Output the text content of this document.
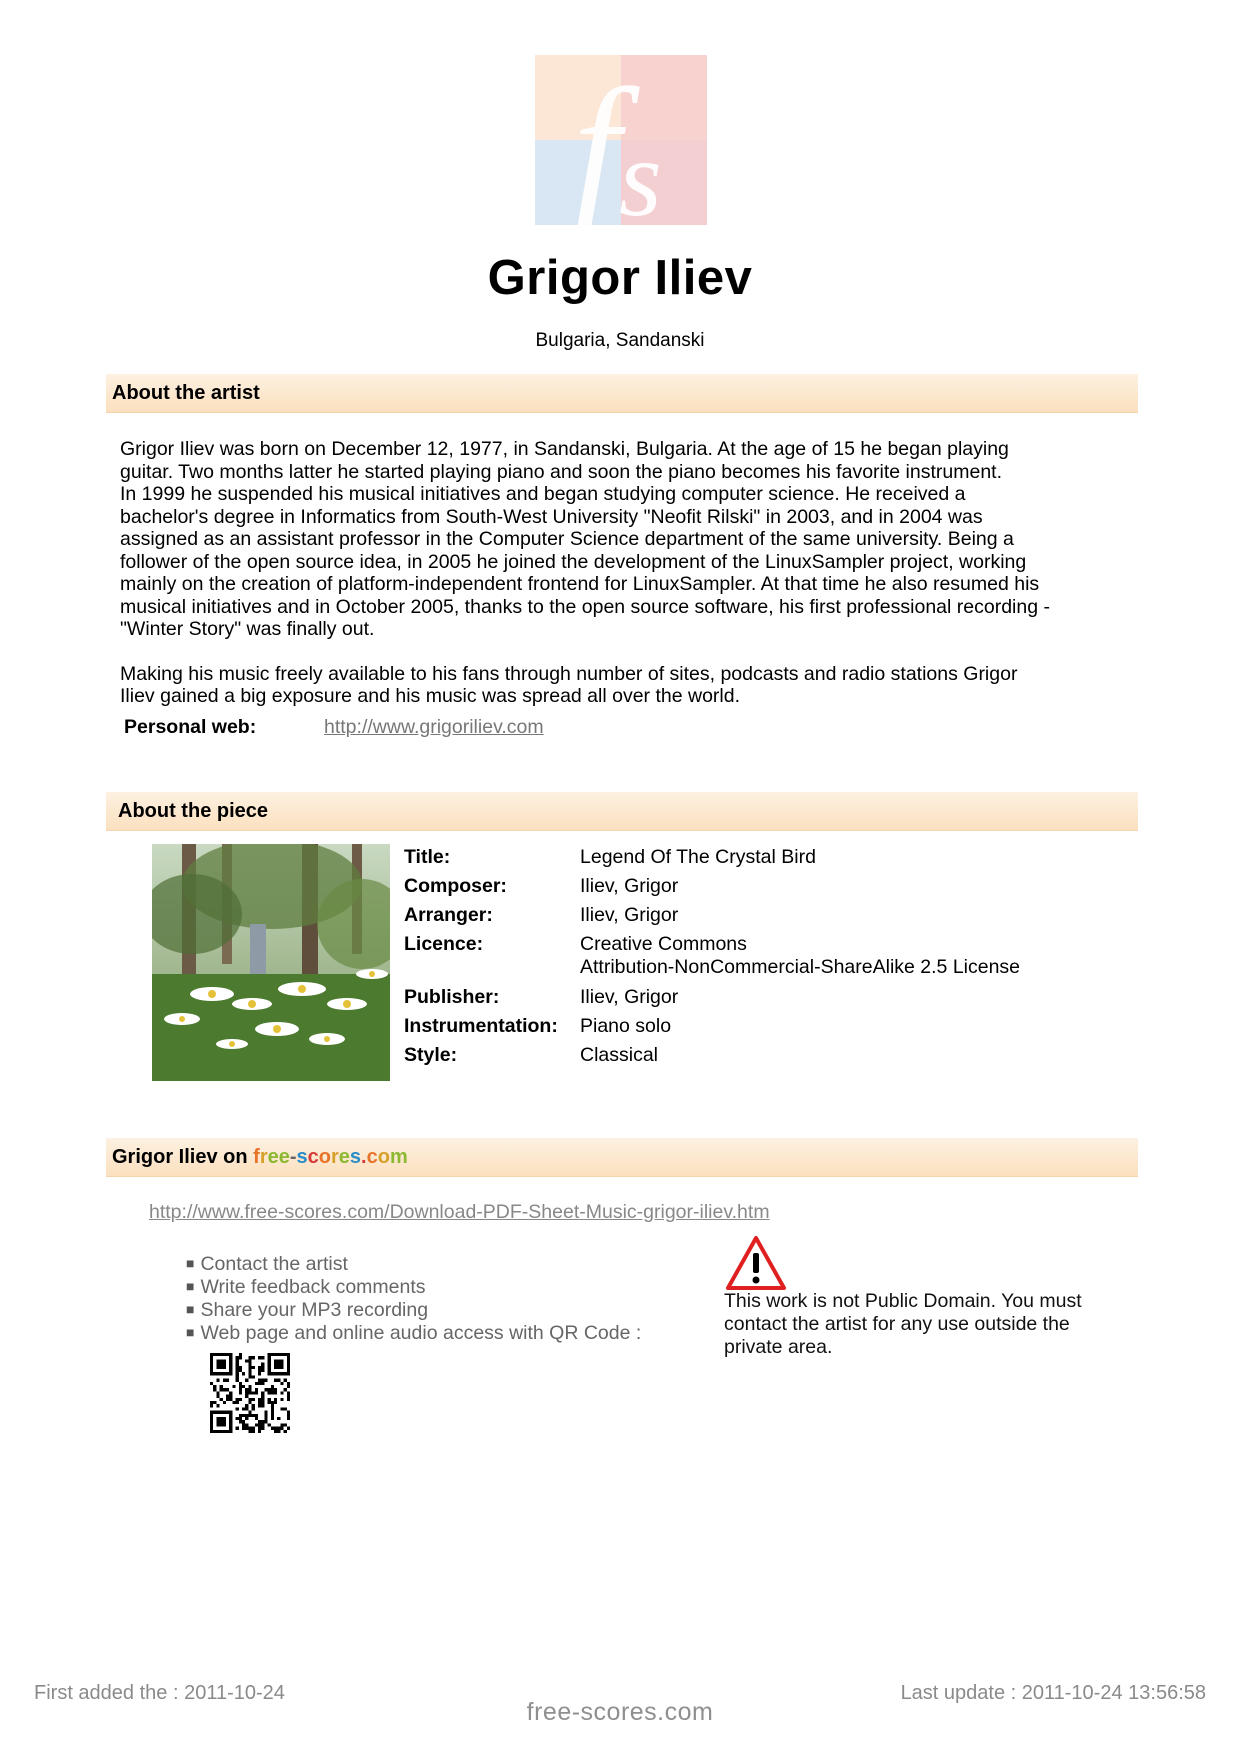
f
s
Grigor Iliev
Bulgaria, Sandanski
About the artist

Grigor Iliev was born on December 12, 1977, in Sandanski, Bulgaria. At the age of 15 he began playing
guitar. Two months latter he started playing piano and soon the piano becomes his favorite instrument.
In 1999 he suspended his musical initiatives and began studying computer science. He received a
bachelor's degree in Informatics from South-West University "Neofit Rilski" in 2003, and in 2004 was
assigned as an assistant professor in the Computer Science department of the same university. Being a
follower of the open source idea, in 2005 he joined the development of the LinuxSampler project, working
mainly on the creation of platform-independent frontend for LinuxSampler. At that time he also resumed his
musical initiatives and in October 2005, thanks to the open source software, his first professional recording -
"Winter Story" was finally out.

Making his music freely available to his fans through number of sites, podcasts and radio stations Grigor
Iliev gained a big exposure and his music was spread all over the world.

Personal web:	http://www.grigoriliev.com
About the piece
Title:	Legend Of The Crystal Bird
Composer:	Iliev, Grigor
Arranger:	Iliev, Grigor
Licence:	Creative Commons
Attribution-NonCommercial-ShareAlike 2.5 License
Publisher:	Iliev, Grigor
Instrumentation: Piano solo
Style:	Classical
Grigor Iliev on free-scores.com
http://www.free-scores.com/Download-PDF-Sheet-Music-grigor-iliev.htm
■ Contact the artist
■ Write feedback comments
■ Share your MP3 recording
■ Web page and online audio access with QR Code :
This work is not Public Domain. You must contact the artist for any use outside the private area.
First added the : 2011-10-24
free-scores.com
Last update : 2011-10-24 13:56:58
